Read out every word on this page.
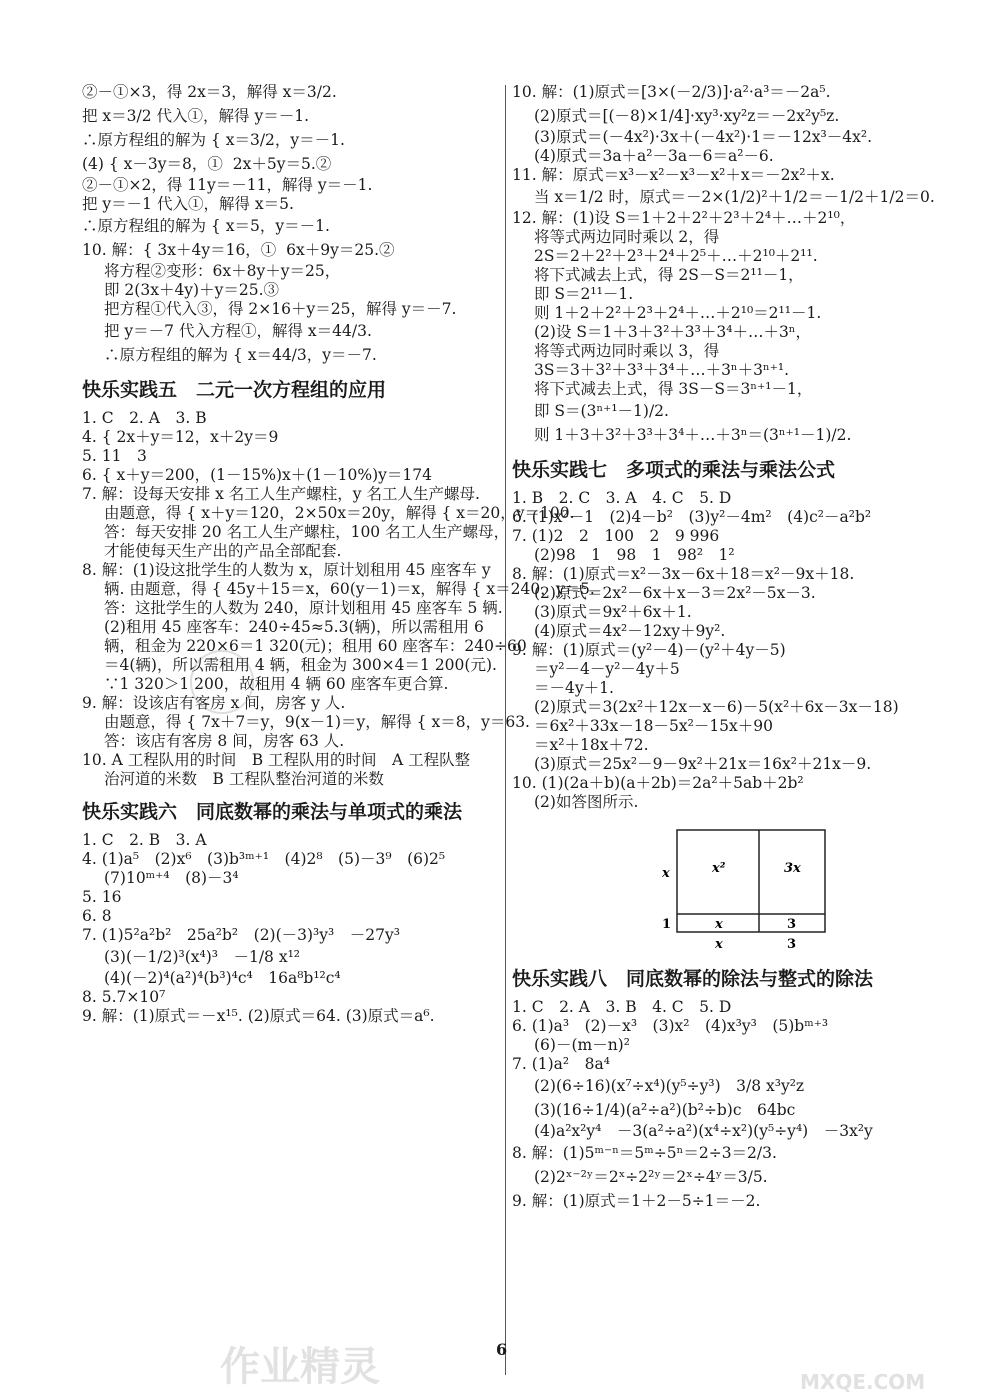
②－①×3，得 2x＝3，解得 x＝3/2.

把 x＝3/2 代入①，解得 y＝－1.

∴原方程组的解为 { x＝3/2，y＝－1.

(4) { x－3y＝8，①  2x＋5y＝5.②

②－①×2，得 11y＝－11，解得 y＝－1.

把 y＝－1 代入①，解得 x＝5.

∴原方程组的解为 { x＝5，y＝－1.

10. 解：{ 3x＋4y＝16，①  6x＋9y＝25.②

将方程②变形：6x＋8y＋y＝25，

即 2(3x＋4y)＋y＝25.③

把方程①代入③，得 2×16＋y＝25，解得 y＝－7.

把 y＝－7 代入方程①，解得 x＝44/3.

∴原方程组的解为 { x＝44/3，y＝－7.

快乐实践五　二元一次方程组的应用

1. C　2. A　3. B

4. { 2x＋y＝12，x＋2y＝9

5. 11　3

6. { x＋y＝200，(1－15%)x＋(1－10%)y＝174

7. 解：设每天安排 x 名工人生产螺柱，y 名工人生产螺母.

由题意，得 { x＋y＝120，2×50x＝20y，解得 { x＝20，y＝100.

答：每天安排 20 名工人生产螺柱，100 名工人生产螺母，

才能使每天生产出的产品全部配套.

8. 解：(1)设这批学生的人数为 x，原计划租用 45 座客车 y

辆. 由题意，得 { 45y＋15＝x，60(y－1)＝x，解得 { x＝240，y＝5.

答：这批学生的人数为 240，原计划租用 45 座客车 5 辆.

(2)租用 45 座客车：240÷45≈5.3(辆)，所以需租用 6

辆，租金为 220×6＝1 320(元)；租用 60 座客车：240÷60

＝4(辆)，所以需租用 4 辆，租金为 300×4＝1 200(元).

∵1 320＞1 200，故租用 4 辆 60 座客车更合算.

9. 解：设该店有客房 x 间，房客 y 人.

由题意，得 { 7x＋7＝y，9(x－1)＝y，解得 { x＝8，y＝63.

答：该店有客房 8 间，房客 63 人.

10. A 工程队用的时间　B 工程队用的时间　A 工程队整

治河道的米数　B 工程队整治河道的米数

快乐实践六　同底数幂的乘法与单项式的乘法

1. C　2. B　3. A

4. (1)a⁵　(2)x⁶　(3)b³ᵐ⁺¹　(4)2⁸　(5)－3⁹　(6)2⁵

(7)10ᵐ⁺⁴　(8)－3⁴

5. 16

6. 8

7. (1)5²a²b²　25a²b²　(2)(－3)³y³　－27y³

(3)(－1/2)³(x⁴)³　－1/8 x¹²

(4)(－2)⁴(a²)⁴(b³)⁴c⁴　16a⁸b¹²c⁴

8. 5.7×10⁷

9. 解：(1)原式＝－x¹⁵. (2)原式＝64. (3)原式＝a⁶.

10. 解：(1)原式＝[3×(－2/3)]·a²·a³＝－2a⁵.

(2)原式＝[(－8)×1/4]·xy³·xy²z＝－2x²y⁵z.

(3)原式＝(－4x²)·3x＋(－4x²)·1＝－12x³－4x².

(4)原式＝3a＋a²－3a－6＝a²－6.

11. 解：原式＝x³－x²－x³－x²＋x＝－2x²＋x.

当 x＝1/2 时，原式＝－2×(1/2)²＋1/2＝－1/2＋1/2＝0.

12. 解：(1)设 S＝1＋2＋2²＋2³＋2⁴＋…＋2¹⁰，

将等式两边同时乘以 2，得

2S＝2＋2²＋2³＋2⁴＋2⁵＋…＋2¹⁰＋2¹¹.

将下式减去上式，得 2S－S＝2¹¹－1，

即 S＝2¹¹－1.

则 1＋2＋2²＋2³＋2⁴＋…＋2¹⁰＝2¹¹－1.

(2)设 S＝1＋3＋3²＋3³＋3⁴＋…＋3ⁿ，

将等式两边同时乘以 3，得

3S＝3＋3²＋3³＋3⁴＋…＋3ⁿ＋3ⁿ⁺¹.

将下式减去上式，得 3S－S＝3ⁿ⁺¹－1，

即 S＝(3ⁿ⁺¹－1)/2.

则 1＋3＋3²＋3³＋3⁴＋…＋3ⁿ＝(3ⁿ⁺¹－1)/2.

快乐实践七　多项式的乘法与乘法公式

1. B　2. C　3. A　4. C　5. D

6. (1)x²－1　(2)4－b²　(3)y²－4m²　(4)c²－a²b²

7. (1)2　2　100　2　9 996

(2)98　1　98　1　98²　1²

8. 解：(1)原式＝x²－3x－6x＋18＝x²－9x＋18.

(2)原式＝2x²－6x＋x－3＝2x²－5x－3.

(3)原式＝9x²＋6x＋1.

(4)原式＝4x²－12xy＋9y².

9. 解：(1)原式＝(y²－4)－(y²＋4y－5)

＝y²－4－y²－4y＋5

＝－4y＋1.

(2)原式＝3(2x²＋12x－x－6)－5(x²＋6x－3x－18)

＝6x²＋33x－18－5x²－15x＋90

＝x²＋18x＋72.

(3)原式＝25x²－9－9x²＋21x＝16x²＋21x－9.

10. (1)(2a＋b)(a＋2b)＝2a²＋5ab＋2b²

(2)如答图所示.

x²	3x
x	3
x
1
x	3
快乐实践八　同底数幂的除法与整式的除法

1. C　2. A　3. B　4. C　5. D

6. (1)a³　(2)－x³　(3)x²　(4)x³y³　(5)bᵐ⁺³

(6)－(m－n)²

7. (1)a²　8a⁴

(2)(6÷16)(x⁷÷x⁴)(y⁵÷y³)　3/8 x³y²z

(3)(16÷1/4)(a²÷a²)(b²÷b)c　64bc

(4)a²x²y⁴　－3(a²÷a²)(x⁴÷x²)(y⁵÷y⁴)　－3x²y

8. 解：(1)5ᵐ⁻ⁿ＝5ᵐ÷5ⁿ＝2÷3＝2/3.

(2)2ˣ⁻²ʸ＝2ˣ÷2²ʸ＝2ˣ÷4ʸ＝3/5.

9. 解：(1)原式＝1＋2－5÷1＝－2.

作业精灵	MXQE.COM
6
